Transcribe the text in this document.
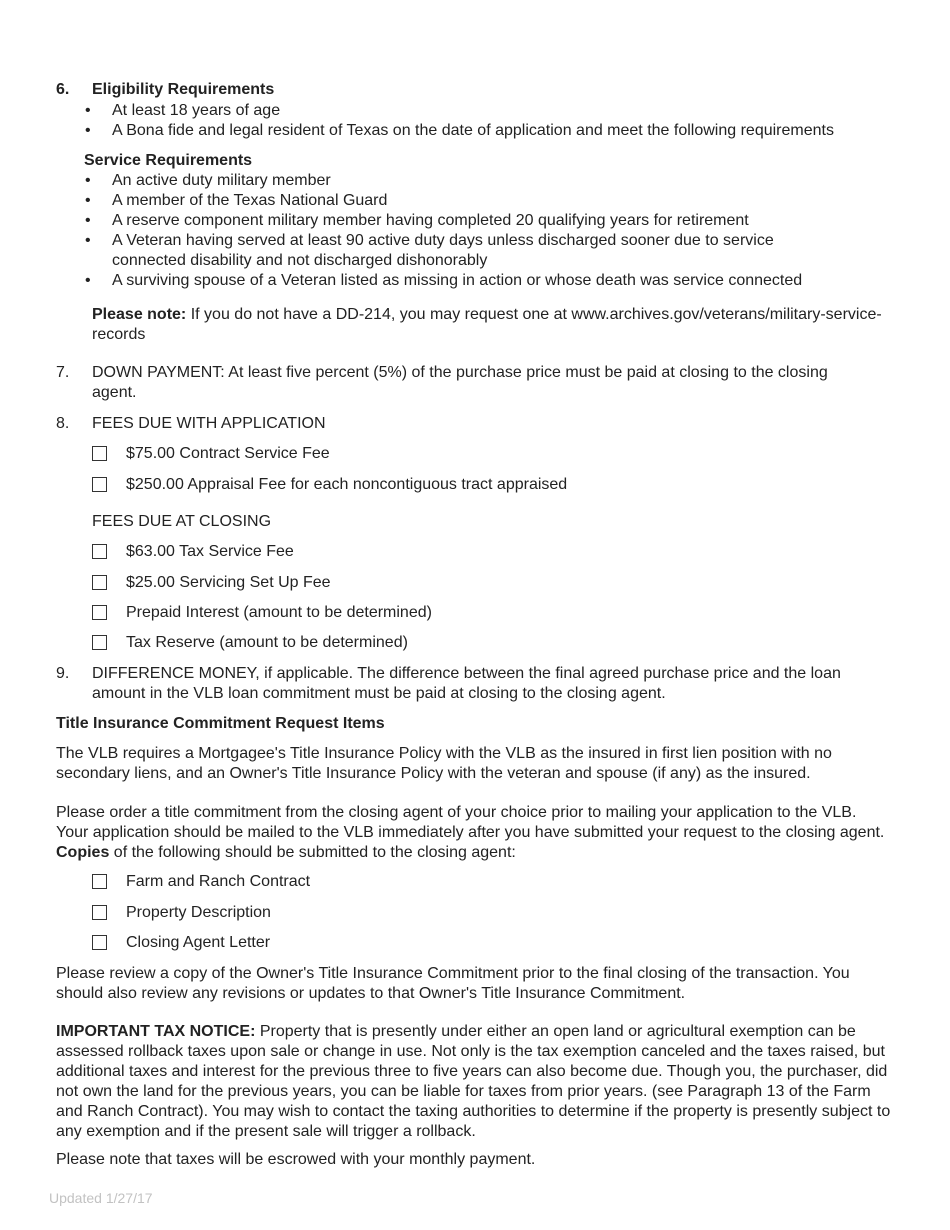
6. Eligibility Requirements
• At least 18 years of age
• A Bona fide and legal resident of Texas on the date of application and meet the following requirements
Service Requirements
• An active duty military member
• A member of the Texas National Guard
• A reserve component military member having completed 20 qualifying years for retirement
• A Veteran having served at least 90 active duty days unless discharged sooner due to service connected disability and not discharged dishonorably
• A surviving spouse of a Veteran listed as missing in action or whose death was service connected
Please note: If you do not have a DD-214, you may request one at www.archives.gov/veterans/military-service-records
7. DOWN PAYMENT: At least five percent (5%) of the purchase price must be paid at closing to the closing agent.
8. FEES DUE WITH APPLICATION
$75.00 Contract Service Fee
$250.00 Appraisal Fee for each noncontiguous tract appraised
FEES DUE AT CLOSING
$63.00 Tax Service Fee
$25.00 Servicing Set Up Fee
Prepaid Interest (amount to be determined)
Tax Reserve (amount to be determined)
9. DIFFERENCE MONEY, if applicable. The difference between the final agreed purchase price and the loan amount in the VLB loan commitment must be paid at closing to the closing agent.
Title Insurance Commitment Request Items
The VLB requires a Mortgagee's Title Insurance Policy with the VLB as the insured in first lien position with no secondary liens, and an Owner's Title Insurance Policy with the veteran and spouse (if any) as the insured.
Please order a title commitment from the closing agent of your choice prior to mailing your application to the VLB. Your application should be mailed to the VLB immediately after you have submitted your request to the closing agent. Copies of the following should be submitted to the closing agent:
Farm and Ranch Contract
Property Description
Closing Agent Letter
Please review a copy of the Owner's Title Insurance Commitment prior to the final closing of the transaction. You should also review any revisions or updates to that Owner's Title Insurance Commitment.
IMPORTANT TAX NOTICE: Property that is presently under either an open land or agricultural exemption can be assessed rollback taxes upon sale or change in use. Not only is the tax exemption canceled and the taxes raised, but additional taxes and interest for the previous three to five years can also become due. Though you, the purchaser, did not own the land for the previous years, you can be liable for taxes from prior years. (see Paragraph 13 of the Farm and Ranch Contract). You may wish to contact the taxing authorities to determine if the property is presently subject to any exemption and if the present sale will trigger a rollback.
Please note that taxes will be escrowed with your monthly payment.
Updated 1/27/17
